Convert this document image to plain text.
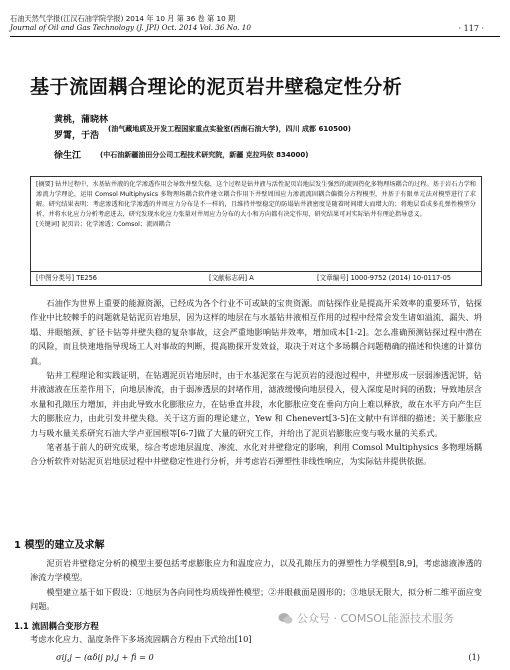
石油天然气学报(江汉石油学院学报) 2014 年 10 月 第 36 卷 第 10 期
Journal of Oil and Gas Technology (J. JPI) Oct. 2014 Vol. 36 No. 10	· 117 ·
基于流固耦合理论的泥页岩井壁稳定性分析
黄桃，蒲晓林
罗霄，于浩
(油气藏地质及开发工程国家重点实验室(西南石油大学)，四川 成都 610500)
徐生江	(中石油新疆油田分公司工程技术研究院，新疆 克拉玛依 834000)

[摘要] 钻井过程中，水基钻井液的化学渗透作用会导致井壁失稳，这个过程是钻井液与活性泥页岩地层发生强烈的流固热化多物理场耦合的过程。基于岩石力学和渗流力学理论，运用 Comsol Multiphysics 多物理场耦合软件建立耦合作用下井壁周围应力渗流流固耦合偏微分方程模型，并基于有限单元法对模型进行了求解。研究结果表明：考虑渗透和化学渗透的井周应力分布是不一样的，且维持井壁稳定的防塌钻井液密度是随着时间增大而增大的；将地层看成多孔弹性模型分析，并将水化应力分析考虑进去，研究发现水化应力张量对井周应力分布的大小和方向都有决定作用，研究结果可对实际钻井有理论指导意义。

[关键词] 泥页岩；化学渗透；Comsol；流固耦合

[中图分类号] TE256	[文献标志码] A	[文章编号] 1000-9752 (2014) 10-0117-05

石油作为世界上重要的能源资源，已经成为各个行业不可或缺的宝贵资源。而钻探作业是提高开采效率的重要环节，钻探作业中比较棘手的问题就是钻泥页岩地层，因为这样的地层在与水基钻井液相互作用的过程中经常会发生诸如溢流、漏失、坍塌、井眼缩颈、扩径卡钻等井壁失稳的复杂事故，这会严重地影响钻井效率，增加成本[1-2]。怎么准确预测钻探过程中潜在的风险，而且快速地指导现场工人对事故的判断，提高勘探开发效益，取决于对这个多场耦合问题精确的描述和快速的计算仿真。

钻井工程理论和实践证明，在钻遇泥页岩地层时，由于水基泥浆在与泥页岩的浸泡过程中，井壁形成一层弱渗透泥饼，钻井液滤液在压差作用下，向地层渗流，由于弱渗透层的封堵作用，滤液缓慢向地层侵入，侵入深度是时间的函数；导致地层含水量和孔隙压力增加，并由此导致水化膨胀应力，在钻垂直井段，水化膨胀应变在垂向方向上难以释放，故在水平方向产生巨大的膨胀应力，由此引发井壁失稳。关于这方面的理论建立，Yew 和 Chenevert[3-5]在文献中有详细的描述；关于膨胀应力与吸水量关系研究石油大学卢亚国根等[6-7]做了大量的研究工作，并给出了泥页岩膨胀应变与吸水量的关系式。

笔者基于前人的研究成果，综合考虑地层温度、渗流、水化对井壁稳定的影响，利用 Comsol Multiphysics 多物理场耦合分析软件对钻泥页岩地层过程中井壁稳定性进行分析，并考虑岩石弹塑性非线性响应，为实际钻井提供依据。

1 模型的建立及求解

泥页岩井壁稳定分析的模型主要包括考虑膨胀应力和温度应力，以及孔隙压力的弹塑性力学模型[8,9]，考虑滤液渗透的渗流力学模型。

模型建立基于如下假设：①地层为各向同性均质线弹性模型；②井眼截面是圆形的；③地层无限大，拟分析二维平面应变问题。

1.1 流固耦合变形方程
考虑水化应力、温度条件下多场流固耦合方程由下式给出[10]
σij,j − (αδij p),j + fi = 0	(1)
公众号 · COMSOL能源技术服务
